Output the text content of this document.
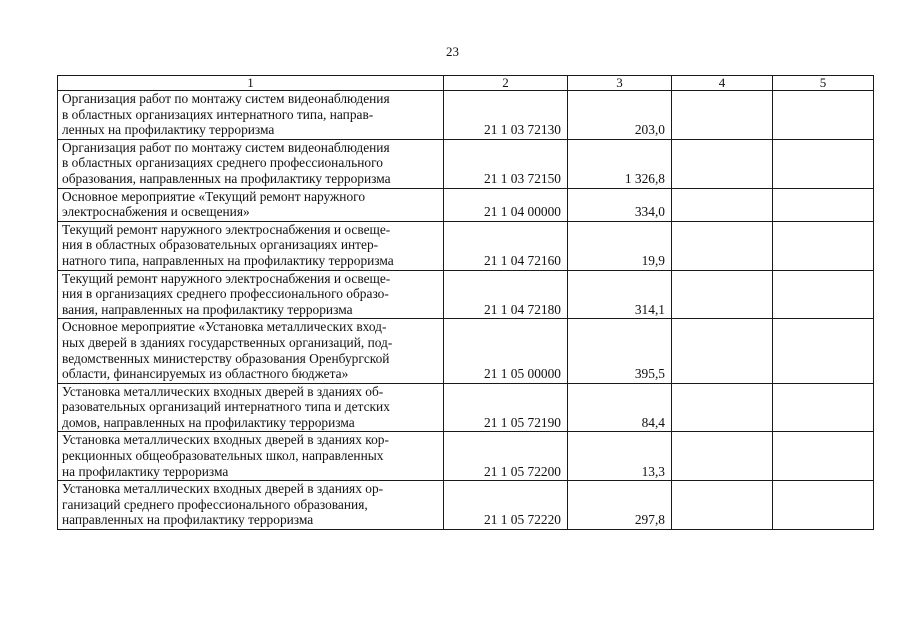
23
1	2	3	4	5

Организация работ по монтажу систем видеонаблюдения
в областных организациях интернатного типа, направ-
ленных на профилактику терроризма	21 1 03 72130	203,0		

Организация работ по монтажу систем видеонаблюдения
в областных организациях среднего профессионального
образования, направленных на профилактику терроризма	21 1 03 72150	1 326,8		

Основное мероприятие «Текущий ремонт наружного
электроснабжения и освещения»	21 1 04 00000	334,0		

Текущий ремонт наружного электроснабжения и освеще-
ния в областных образовательных организациях интер-
натного типа, направленных на профилактику терроризма	21 1 04 72160	19,9		

Текущий ремонт наружного электроснабжения и освеще-
ния в организациях среднего профессионального образо-
вания, направленных на профилактику терроризма	21 1 04 72180	314,1		

Основное мероприятие «Установка металлических вход-
ных дверей в зданиях государственных организаций, под-
ведомственных министерству образования Оренбургской
области, финансируемых из областного бюджета»	21 1 05 00000	395,5		

Установка металлических входных дверей в зданиях об-
разовательных организаций интернатного типа и детских
домов, направленных на профилактику терроризма	21 1 05 72190	84,4		

Установка металлических входных дверей в зданиях кор-
рекционных общеобразовательных школ, направленных
на профилактику терроризма	21 1 05 72200	13,3		

Установка металлических входных дверей в зданиях ор-
ганизаций среднего профессионального образования,
направленных на профилактику терроризма	21 1 05 72220	297,8		
